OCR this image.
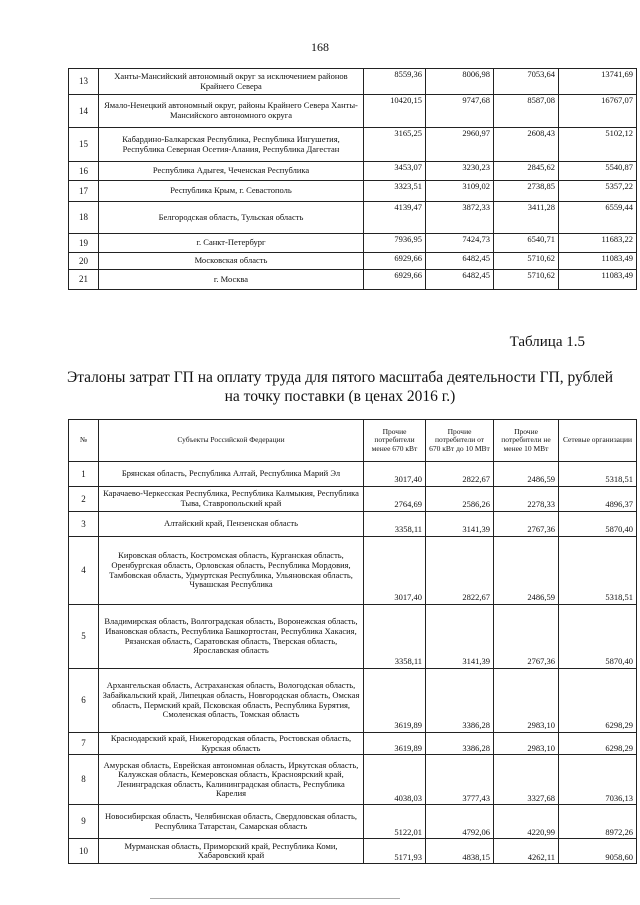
168
13	Ханты-Мансийский автономный округ за исключением районов Крайнего Севера	8559,36	8006,98	7053,64	13741,69
14	Ямало-Ненецкий автономный округ, районы Крайнего Севера Ханты-Мансийского автономного округа	10420,15	9747,68	8587,08	16767,07
15	Кабардино-Балкарская Республика, Республика Ингушетия, Республика Северная Осетия-Алания, Республика Дагестан	3165,25	2960,97	2608,43	5102,12
16	Республика Адыгея, Чеченская Республика	3453,07	3230,23	2845,62	5540,87
17	Республика Крым, г. Севастополь	3323,51	3109,02	2738,85	5357,22
18	Белгородская область, Тульская область	4139,47	3872,33	3411,28	6559,44
19	г. Санкт-Петербург	7936,95	7424,73	6540,71	11683,22
20	Московская область	6929,66	6482,45	5710,62	11083,49
21	г. Москва	6929,66	6482,45	5710,62	11083,49
Таблица 1.5
Эталоны затрат ГП на оплату труда для пятого масштаба деятельности ГП, рублей на точку поставки (в ценах 2016 г.)
№	Субъекты Российской Федерации	Прочие потребители менее 670 кВт	Прочие потребители от 670 кВт до 10 МВт	Прочие потребители не менее 10 МВт	Сетевые организации
1	Брянская область, Республика Алтай, Республика Марий Эл	3017,40	2822,67	2486,59	5318,51
2	Карачаево-Черкесская Республика, Республика Калмыкия, Республика Тыва, Ставропольский край	2764,69	2586,26	2278,33	4896,37
3	Алтайский край, Пензенская область	3358,11	3141,39	2767,36	5870,40
4	Кировская область, Костромская область, Курганская область, Оренбургская область, Орловская область, Республика Мордовия, Тамбовская область, Удмуртская Республика, Ульяновская область, Чувашская Республика	3017,40	2822,67	2486,59	5318,51
5	Владимирская область, Волгоградская область, Воронежская область, Ивановская область, Республика Башкортостан, Республика Хакасия, Рязанская область, Саратовская область, Тверская область, Ярославская область	3358,11	3141,39	2767,36	5870,40
6	Архангельская область, Астраханская область, Вологодская область, Забайкальский край, Липецкая область, Новгородская область, Омская область, Пермский край, Псковская область, Республика Бурятия, Смоленская область, Томская область	3619,89	3386,28	2983,10	6298,29
7	Краснодарский край, Нижегородская область, Ростовская область, Курская область	3619,89	3386,28	2983,10	6298,29
8	Амурская область, Еврейская автономная область, Иркутская область, Калужская область, Кемеровская область, Красноярский край, Ленинградская область, Калининградская область, Республика Карелия	4038,03	3777,43	3327,68	7036,13
9	Новосибирская область, Челябинская область, Свердловская область, Республика Татарстан, Самарская область	5122,01	4792,06	4220,99	8972,26
10	Мурманская область, Приморский край, Республика Коми, Хабаровский край	5171,93	4838,15	4262,11	9058,60
